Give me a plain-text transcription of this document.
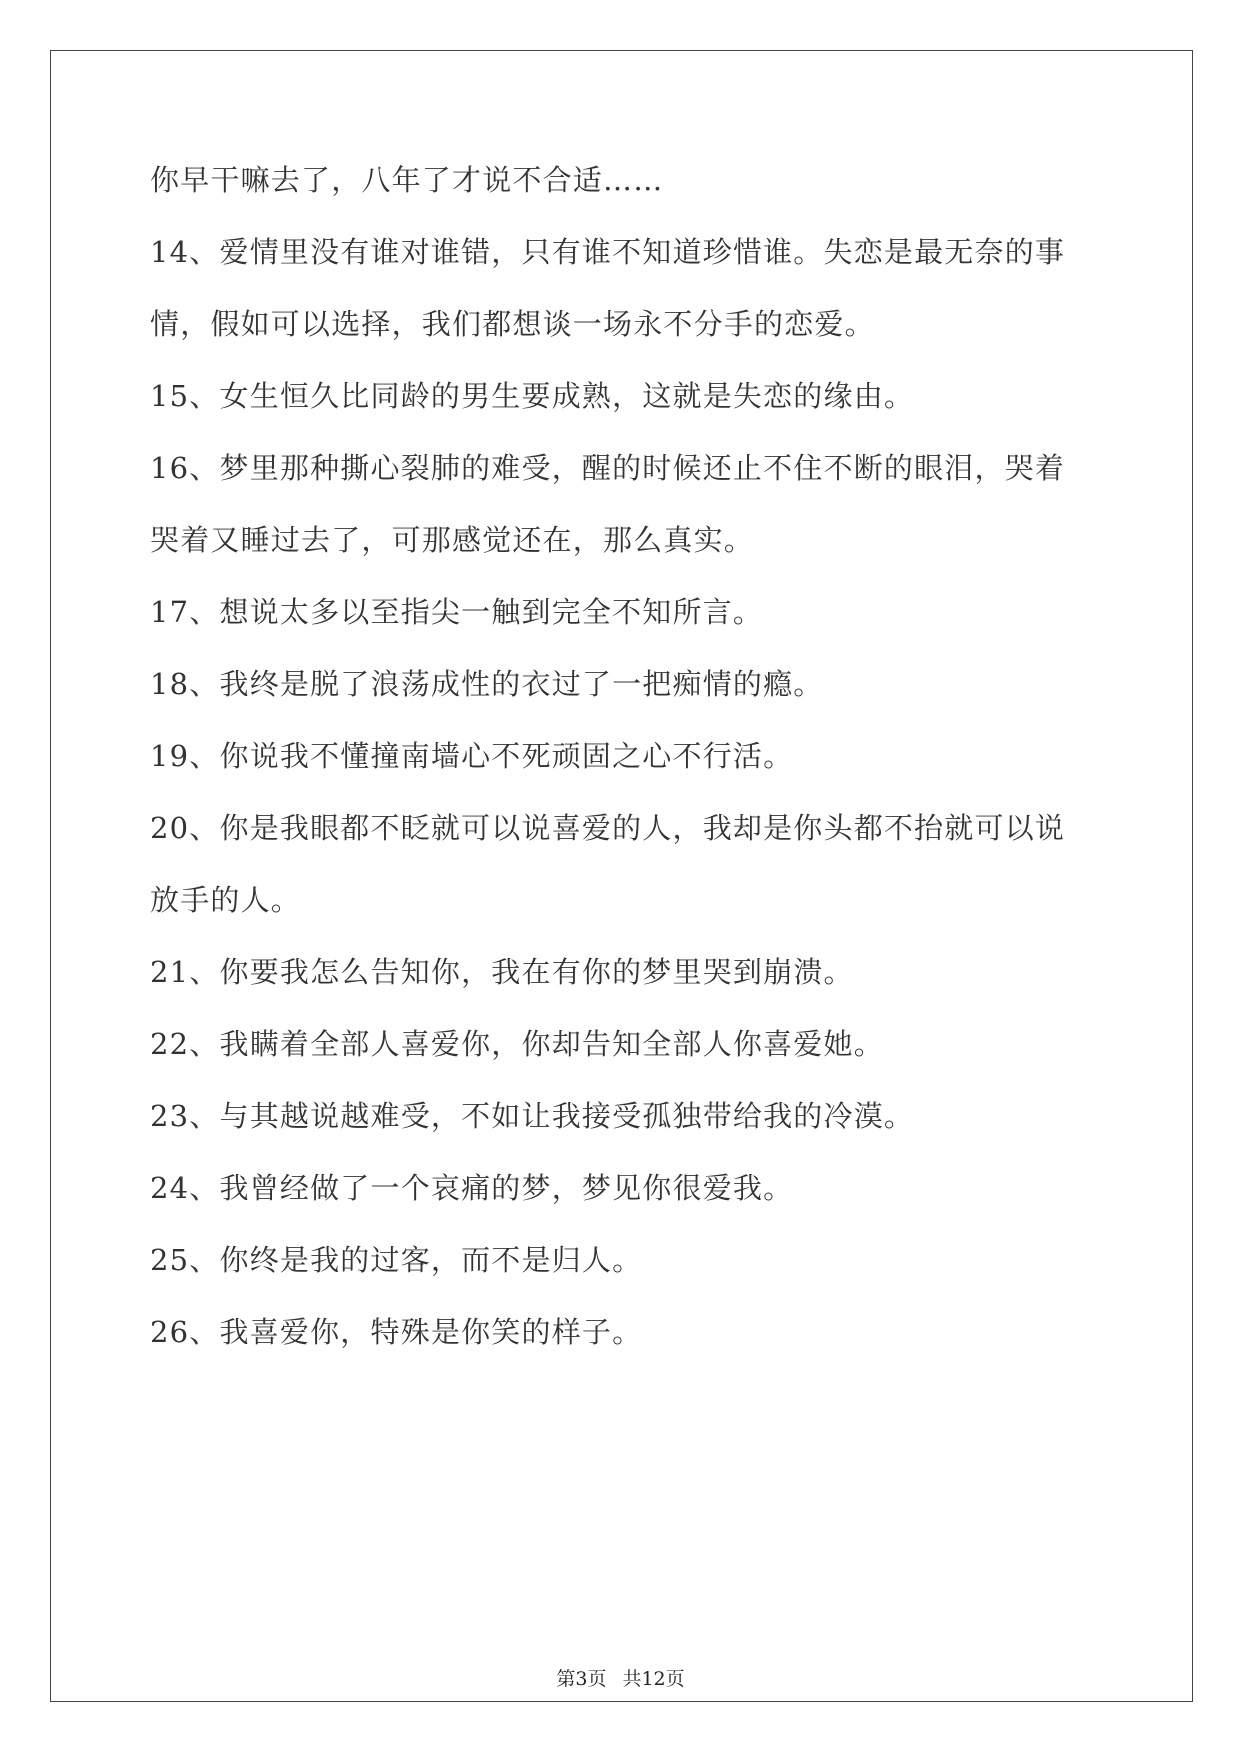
你早干嘛去了，八年了才说不合适……
14、爱情里没有谁对谁错，只有谁不知道珍惜谁。失恋是最无奈的事
情，假如可以选择，我们都想谈一场永不分手的恋爱。
15、女生恒久比同龄的男生要成熟，这就是失恋的缘由。
16、梦里那种撕心裂肺的难受，醒的时候还止不住不断的眼泪，哭着
哭着又睡过去了，可那感觉还在，那么真实。
17、想说太多以至指尖一触到完全不知所言。
18、我终是脱了浪荡成性的衣过了一把痴情的瘾。
19、你说我不懂撞南墙心不死顽固之心不行活。
20、你是我眼都不眨就可以说喜爱的人，我却是你头都不抬就可以说
放手的人。
21、你要我怎么告知你，我在有你的梦里哭到崩溃。
22、我瞒着全部人喜爱你，你却告知全部人你喜爱她。
23、与其越说越难受，不如让我接受孤独带给我的冷漠。
24、我曾经做了一个哀痛的梦，梦见你很爱我。
25、你终是我的过客，而不是归人。
26、我喜爱你，特殊是你笑的样子。
第3页 共12页
